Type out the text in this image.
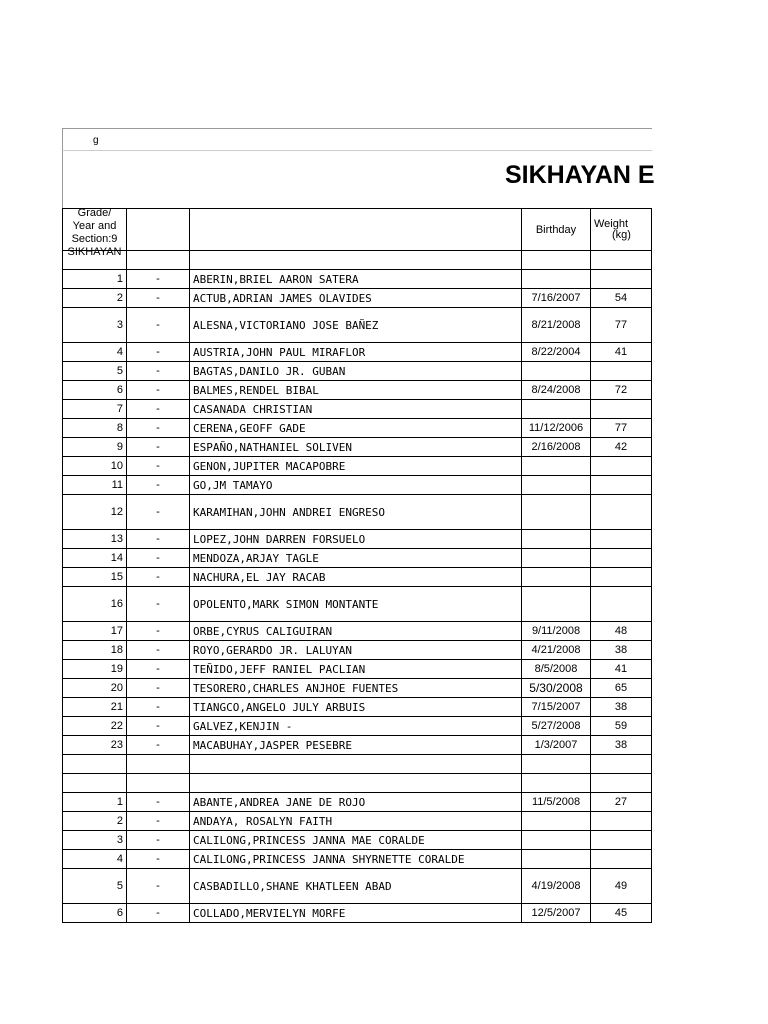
g
SIKHAYAN E
Grade/
Year and
Section:9
SIKHAYAN			Birthday	Weight
(kg)

1	-	ABERIN,BRIEL AARON SATERA		
2	-	ACTUB,ADRIAN JAMES OLAVIDES	7/16/2007	54
3	-	ALESNA,VICTORIANO JOSE BAÑEZ	8/21/2008	77
4	-	AUSTRIA,JOHN PAUL MIRAFLOR	8/22/2004	41
5	-	BAGTAS,DANILO JR. GUBAN		
6	-	BALMES,RENDEL BIBAL	8/24/2008	72
7	-	CASANADA CHRISTIAN		
8	-	CERENA,GEOFF GADE	11/12/2006	77
9	-	ESPAÑO,NATHANIEL SOLIVEN	2/16/2008	42
10	-	GENON,JUPITER MACAPOBRE		
11	-	GO,JM TAMAYO		
12	-	KARAMIHAN,JOHN ANDREI ENGRESO		
13	-	LOPEZ,JOHN DARREN FORSUELO		
14	-	MENDOZA,ARJAY TAGLE		
15	-	NACHURA,EL JAY RACAB		
16	-	OPOLENTO,MARK SIMON MONTANTE		
17	-	ORBE,CYRUS CALIGUIRAN	9/11/2008	48
18	-	ROYO,GERARDO JR. LALUYAN	4/21/2008	38
19	-	TEÑIDO,JEFF RANIEL PACLIAN	8/5/2008	41
20	-	TESORERO,CHARLES ANJHOE FUENTES	5/30/2008	65
21	-	TIANGCO,ANGELO JULY ARBUIS	7/15/2007	38
22	-	GALVEZ,KENJIN -	5/27/2008	59
23	-	MACABUHAY,JASPER PESEBRE	1/3/2007	38

1	-	ABANTE,ANDREA JANE DE ROJO	11/5/2008	27
2	-	ANDAYA, ROSALYN FAITH		
3	-	CALILONG,PRINCESS JANNA MAE CORALDE		
4	-	CALILONG,PRINCESS JANNA SHYRNETTE CORALDE		
5	-	CASBADILLO,SHANE KHATLEEN ABAD	4/19/2008	49
6	-	COLLADO,MERVIELYN MORFE	12/5/2007	45
